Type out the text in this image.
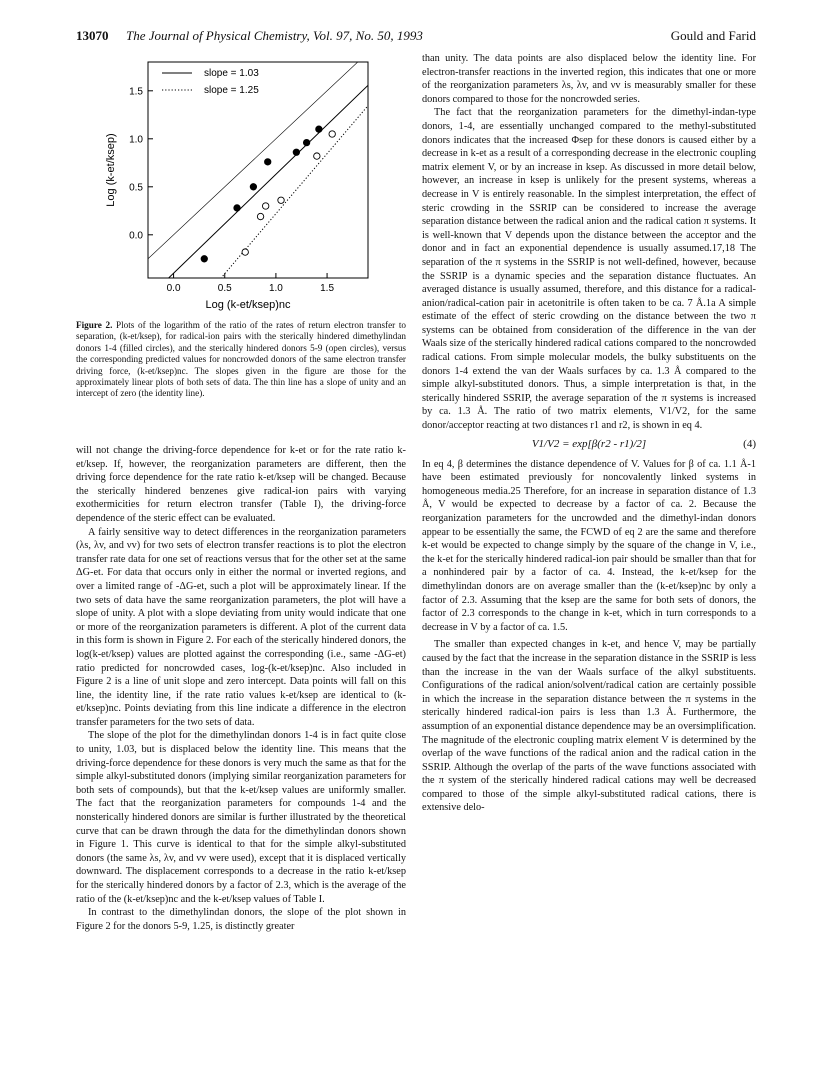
13070 The Journal of Physical Chemistry, Vol. 97, No. 50, 1993	Gould and Farid
0.0	0.5	1.0	1.5
0.0
0.5
1.0
1.5
Log (k-et/ksep)nc
Log (k-et/ksep)
slope = 1.03
slope = 1.25
Figure 2. Plots of the logarithm of the ratio of the rates of return electron transfer to separation, (k-et/ksep), for radical-ion pairs with the sterically hindered dimethylindan donors 1-4 (filled circles), and the sterically hindered donors 5-9 (open circles), versus the corresponding predicted values for noncrowded donors of the same electron transfer driving force, (k-et/ksep)nc. The slopes given in the figure are those for the approximately linear plots of both sets of data. The thin line has a slope of unity and an intercept of zero (the identity line).

will not change the driving-force dependence for k-et or for the rate ratio k-et/ksep. If, however, the reorganization parameters are different, then the driving force dependence for the rate ratio k-et/ksep will be changed. Because the sterically hindered benzenes give radical-ion pairs with varying exothermicities for return electron transfer (Table I), the driving-force dependence of the steric effect can be evaluated.

A fairly sensitive way to detect differences in the reorganization parameters (λs, λv, and νv) for two sets of electron transfer reactions is to plot the electron transfer rate data for one set of reactions versus that for the other set at the same ΔG-et. For data that occurs only in either the normal or inverted regions, and over a limited range of -ΔG-et, such a plot will be approximately linear. If the two sets of data have the same reorganization parameters, the plot will have a slope of unity. A plot with a slope deviating from unity would indicate that one or more of the reorganization parameters is different. A plot of the current data in this form is shown in Figure 2. For each of the sterically hindered donors, the log(k-et/ksep) values are plotted against the corresponding (i.e., same -ΔG-et) ratio predicted for noncrowded cases, log-(k-et/ksep)nc. Also included in Figure 2 is a line of unit slope and zero intercept. Data points will fall on this line, the identity line, if the rate ratio values k-et/ksep are identical to (k-et/ksep)nc. Points deviating from this line indicate a difference in the electron transfer parameters for the two sets of data.

The slope of the plot for the dimethylindan donors 1-4 is in fact quite close to unity, 1.03, but is displaced below the identity line. This means that the driving-force dependence for these donors is very much the same as that for the simple alkyl-substituted donors (implying similar reorganization parameters for both sets of compounds), but that the k-et/ksep values are uniformly smaller. The fact that the reorganization parameters for compounds 1-4 and the nonsterically hindered donors are similar is further illustrated by the theoretical curve that can be drawn through the data for the dimethylindan donors shown in Figure 1. This curve is identical to that for the simple alkyl-substituted donors (the same λs, λv, and νv were used), except that it is displaced vertically downward. The displacement corresponds to a decrease in the ratio k-et/ksep for the sterically hindered donors by a factor of 2.3, which is the average of the ratio of the (k-et/ksep)nc and the k-et/ksep values of Table I.

In contrast to the dimethylindan donors, the slope of the plot shown in Figure 2 for the donors 5-9, 1.25, is distinctly greater

than unity. The data points are also displaced below the identity line. For electron-transfer reactions in the inverted region, this indicates that one or more of the reorganization parameters λs, λv, and νv is measurably smaller for these donors compared to those for the noncrowded series.

The fact that the reorganization parameters for the dimethyl-indan-type donors, 1-4, are essentially unchanged compared to the methyl-substituted donors indicates that the increased Φsep for these donors is caused either by a decrease in k-et as a result of a corresponding decrease in the electronic coupling matrix element V, or by an increase in ksep. As discussed in more detail below, however, an increase in ksep is unlikely for the present systems, whereas a decrease in V is entirely reasonable. In the simplest interpretation, the effect of steric crowding in the SSRIP can be considered to increase the average separation distance between the radical anion and the radical cation π systems. It is well-known that V depends upon the distance between the acceptor and the donor and in fact an exponential dependence is usually assumed.17,18 The separation of the π systems in the SSRIP is not well-defined, however, because the SSRIP is a dynamic species and the separation distance fluctuates. An averaged distance is usually assumed, therefore, and this distance for a radical-anion/radical-cation pair in acetonitrile is often taken to be ca. 7 Å.1a A simple estimate of the effect of steric crowding on the distance between the two π systems can be obtained from consideration of the difference in the van der Waals size of the sterically hindered radical cations compared to the noncrowded radical cations. From simple molecular models, the bulky substituents on the donors 1-4 extend the van der Waals surfaces by ca. 1.3 Å compared to the simple alkyl-substituted donors. Thus, a simple interpretation is that, in the sterically hindered SSRIP, the average separation of the π systems is increased by ca. 1.3 Å. The ratio of two matrix elements, V1/V2, for the same donor/acceptor reacting at two distances r1 and r2, is shown in eq 4.

V1/V2 = exp[β(r2 - r1)/2]	(4)

In eq 4, β determines the distance dependence of V. Values for β of ca. 1.1 Å-1 have been estimated previously for noncovalently linked systems in homogeneous media.25 Therefore, for an increase in separation distance of 1.3 Å, V would be expected to decrease by a factor of ca. 2. Because the reorganization parameters for the uncrowded and the dimethyl-indan donors appear to be essentially the same, the FCWD of eq 2 are the same and therefore k-et would be expected to change simply by the square of the change in V, i.e., the k-et for the sterically hindered radical-ion pair should be smaller than that for a nonhindered pair by a factor of ca. 4. Instead, the k-et/ksep for the dimethylindan donors are on average smaller than the (k-et/ksep)nc by only a factor of 2.3. Assuming that the ksep are the same for both sets of donors, the factor of 2.3 corresponds to the change in k-et, which in turn corresponds to a decrease in V by a factor of ca. 1.5.

The smaller than expected changes in k-et, and hence V, may be partially caused by the fact that the increase in the separation distance in the SSRIP is less than the increase in the van der Waals surface of the alkyl substituents. Configurations of the radical anion/solvent/radical cation are certainly possible in which the increase in the separation distance between the π systems in the sterically hindered radical-ion pairs is less than 1.3 Å. Furthermore, the assumption of an exponential distance dependence may be an oversimplification. The magnitude of the electronic coupling matrix element V is determined by the overlap of the wave functions of the radical anion and the radical cation in the SSRIP. Although the overlap of the parts of the wave functions associated with the π system of the sterically hindered radical cations may well be decreased compared to those of the simple alkyl-substituted radical cations, there is extensive delo-
